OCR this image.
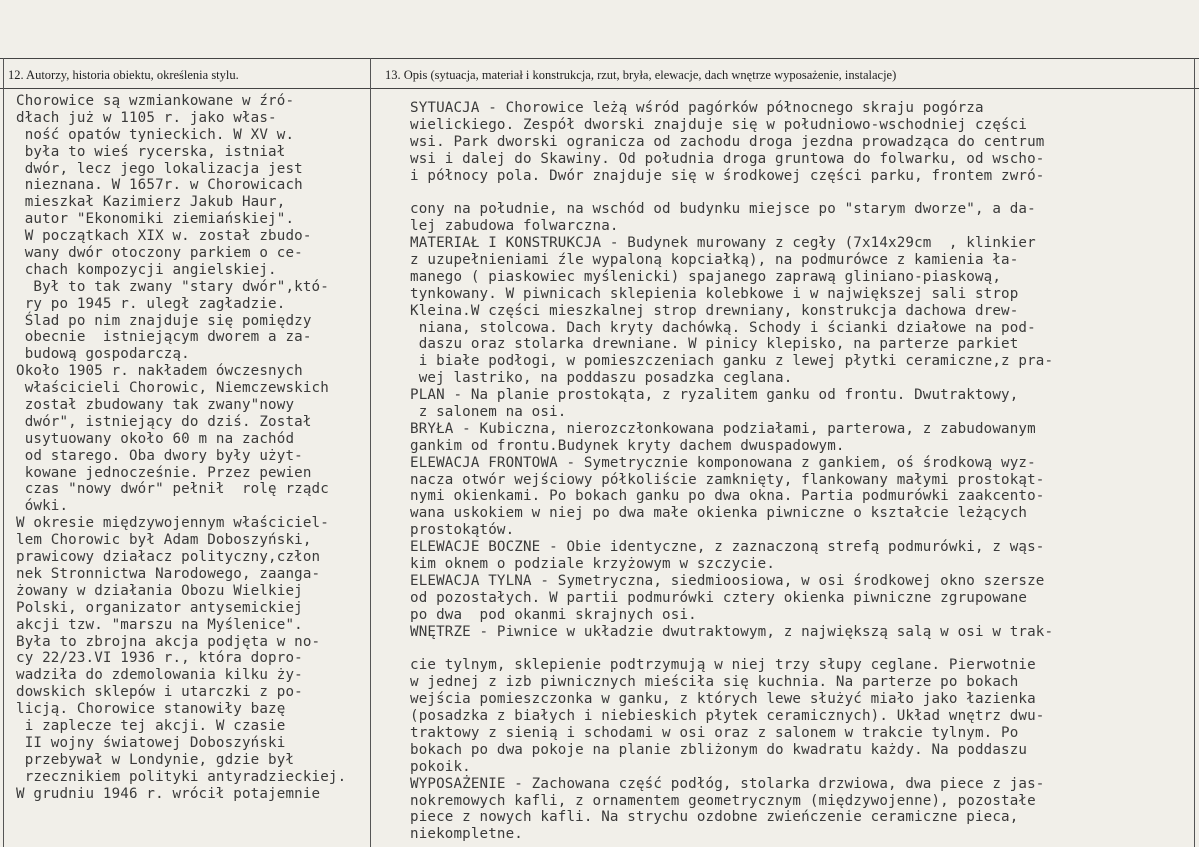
12. Autorzy, historia obiektu, określenia stylu.	13. Opis (sytuacja, materiał i konstrukcja, rzut, bryła, elewacje, dach wnętrze wyposażenie, instalacje)
Chorowice są wzmiankowane w źró-
dłach już w 1105 r. jako włas-
ność opatów tynieckich. W XV w.
była to wieś rycerska, istniał
dwór, lecz jego lokalizacja jest
nieznana. W 1657r. w Chorowicach
mieszkał Kazimierz Jakub Haur,
autor "Ekonomiki ziemiańskiej".
W początkach XIX w. został zbudo-
wany dwór otoczony parkiem o ce-
chach kompozycji angielskiej.
Był to tak zwany "stary dwór",któ-
ry po 1945 r. uległ zagładzie.
Ślad po nim znajduje się pomiędzy
obecnie  istniejącym dworem a za-
budową gospodarczą.
Około 1905 r. nakładem ówczesnych
właścicieli Chorowic, Niemczewskich
został zbudowany tak zwany"nowy
dwór", istniejący do dziś. Został
usytuowany około 60 m na zachód
od starego. Oba dwory były użyt-
kowane jednocześnie. Przez pewien
czas "nowy dwór" pełnił  rolę rządc
ówki.
W okresie międzywojennym właściciel-
lem Chorowic był Adam Doboszyński,
prawicowy działacz polityczny,człon
nek Stronnictwa Narodowego, zaanga-
żowany w działania Obozu Wielkiej
Polski, organizator antysemickiej
akcji tzw. "marszu na Myślenice".
Była to zbrojna akcja podjęta w no-
cy 22/23.VI 1936 r., która dopro-
wadziła do zdemolowania kilku ży-
dowskich sklepów i utarczki z po-
licją. Chorowice stanowiły bazę
i zaplecze tej akcji. W czasie
II wojny światowej Doboszyński
przebywał w Londynie, gdzie był
rzecznikiem polityki antyradzieckiej.
W grudniu 1946 r. wrócił potajemnie
SYTUACJA - Chorowice leżą wśród pagórków północnego skraju pogórza
wielickiego. Zespół dworski znajduje się w południowo-wschodniej części
wsi. Park dworski ogranicza od zachodu droga jezdna prowadząca do centrum
wsi i dalej do Skawiny. Od południa droga gruntowa do folwarku, od wscho-
i północy pola. Dwór znajduje się w środkowej części parku, frontem zwró-
cony na południe, na wschód od budynku miejsce po "starym dworze", a da-
lej zabudowa folwarczna.
MATERIAŁ I KONSTRUKCJA - Budynek murowany z cegły (7x14x29cm  , klinkier
z uzupełnieniami źle wypaloną kopciałką), na podmurówce z kamienia ła-
manego ( piaskowiec myślenicki) spajanego zaprawą gliniano-piaskową,
tynkowany. W piwnicach sklepienia kolebkowe i w największej sali strop
Kleina.W części mieszkalnej strop drewniany, konstrukcja dachowa drew-
niana, stolcowa. Dach kryty dachówką. Schody i ścianki działowe na pod-
daszu oraz stolarka drewniane. W pinicy klepisko, na parterze parkiet
i białe podłogi, w pomieszczeniach ganku z lewej płytki ceramiczne,z pra-
wej lastriko, na poddaszu posadzka ceglana.
PLAN - Na planie prostokąta, z ryzalitem ganku od frontu. Dwutraktowy,
z salonem na osi.
BRYŁA - Kubiczna, nierozczłonkowana podziałami, parterowa, z zabudowanym
gankim od frontu.Budynek kryty dachem dwuspadowym.
ELEWACJA FRONTOWA - Symetrycznie komponowana z gankiem, oś środkową wyz-
nacza otwór wejściowy półkoliście zamknięty, flankowany małymi prostokąt-
nymi okienkami. Po bokach ganku po dwa okna. Partia podmurówki zaakcento-
wana uskokiem w niej po dwa małe okienka piwniczne o kształcie leżących
prostokątów.
ELEWACJE BOCZNE - Obie identyczne, z zaznaczoną strefą podmurówki, z wąs-
kim oknem o podziale krzyżowym w szczycie.
ELEWACJA TYLNA - Symetryczna, siedmioosiowa, w osi środkowej okno szersze
od pozostałych. W partii podmurówki cztery okienka piwniczne zgrupowane
po dwa  pod okanmi skrajnych osi.
WNĘTRZE - Piwnice w układzie dwutraktowym, z największą salą w osi w trak-
cie tylnym, sklepienie podtrzymują w niej trzy słupy ceglane. Pierwotnie
w jednej z izb piwnicznych mieściła się kuchnia. Na parterze po bokach
wejścia pomieszczonka w ganku, z których lewe służyć miało jako łazienka
(posadzka z białych i niebieskich płytek ceramicznych). Układ wnętrz dwu-
traktowy z sienią i schodami w osi oraz z salonem w trakcie tylnym. Po
bokach po dwa pokoje na planie zbliżonym do kwadratu każdy. Na poddaszu
pokoik.
WYPOSAŻENIE - Zachowana część podłóg, stolarka drzwiowa, dwa piece z jas-
nokremowych kafli, z ornamentem geometrycznym (międzywojenne), pozostałe
piece z nowych kafli. Na strychu ozdobne zwieńczenie ceramiczne pieca,
niekompletne.
